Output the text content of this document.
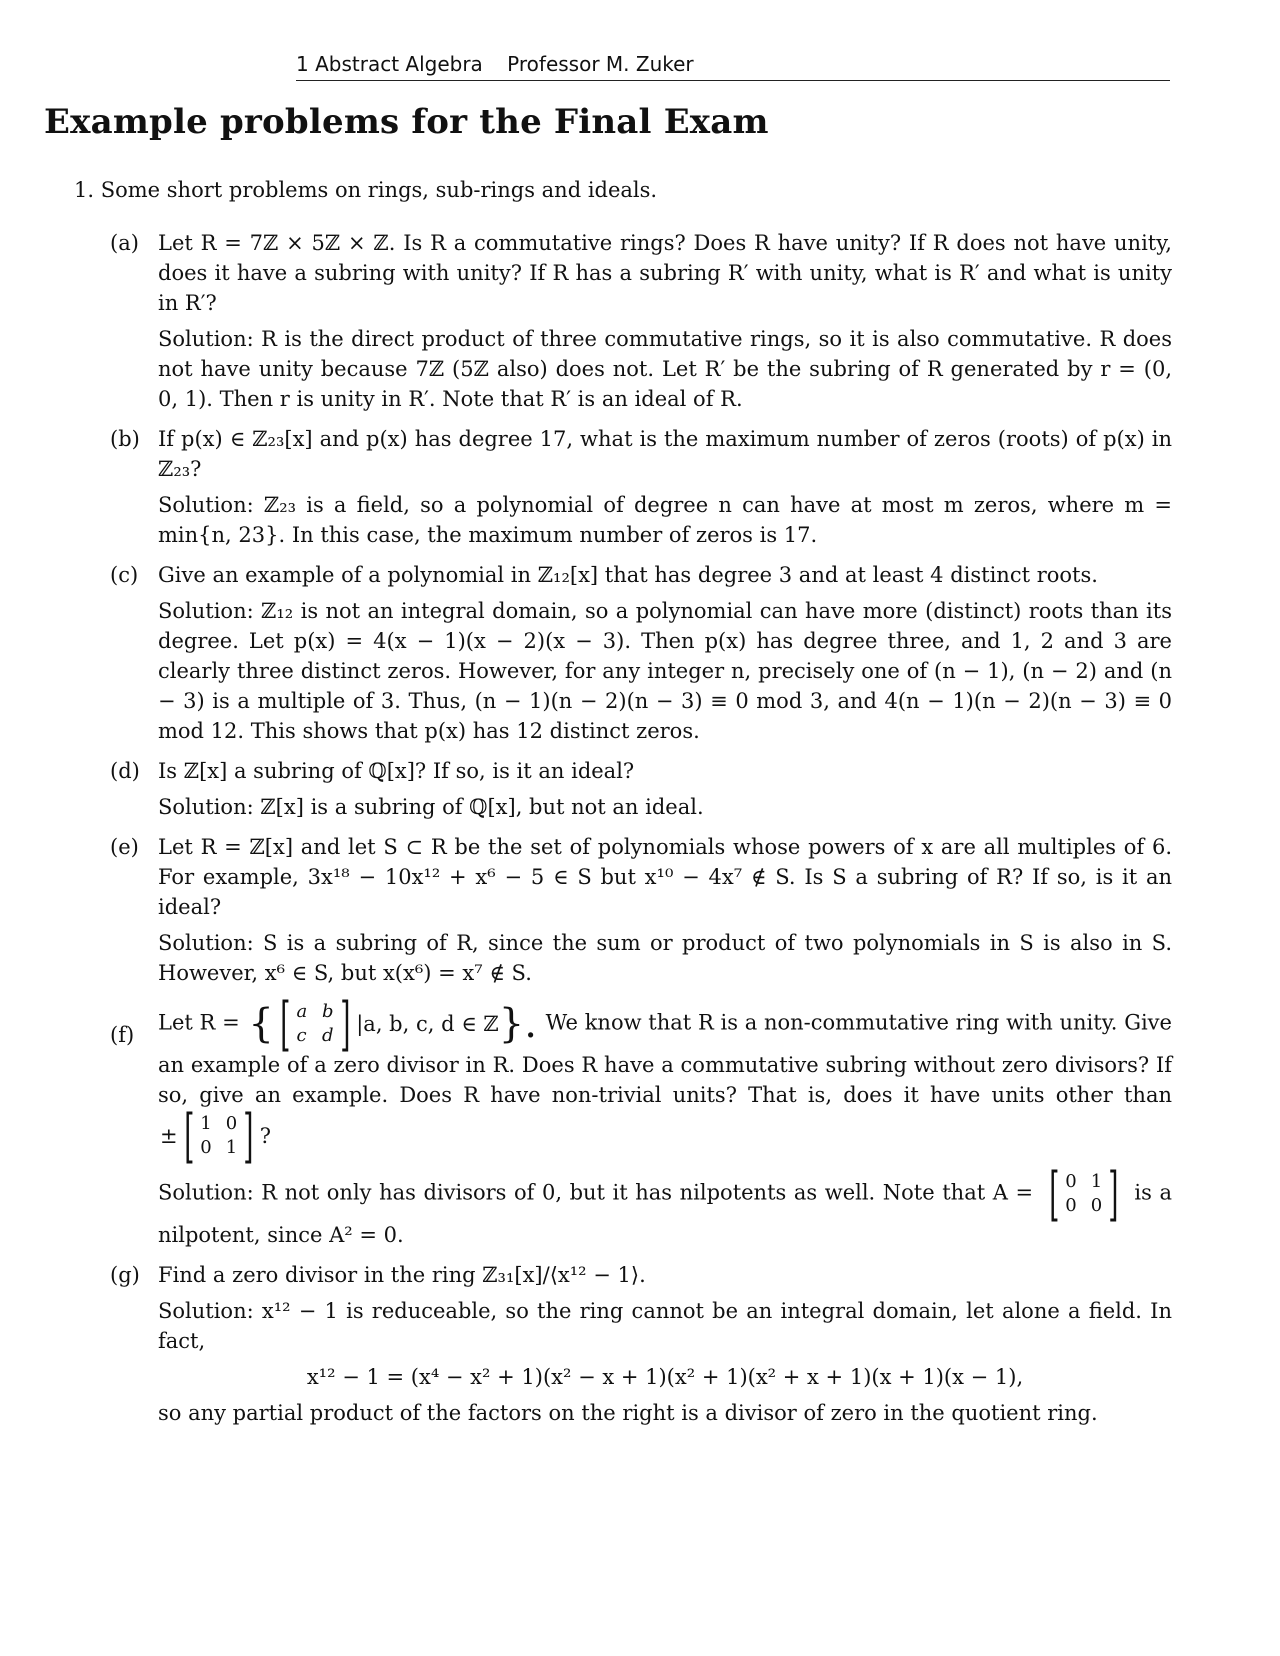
1 Abstract Algebra Professor M. Zuker
Example problems for the Final Exam
1. Some short problems on rings, sub-rings and ideals.
(a) Let R = 7ℤ × 5ℤ × ℤ. Is R a commutative rings? Does R have unity? If R does not have unity, does it have a subring with unity? If R has a subring R′ with unity, what is R′ and what is unity in R′?

Solution: R is the direct product of three commutative rings, so it is also commutative. R does not have unity because 7ℤ (5ℤ also) does not. Let R′ be the subring of R generated by r = (0, 0, 1). Then r is unity in R′. Note that R′ is an ideal of R.

(b) If p(x) ∈ ℤ₂₃[x] and p(x) has degree 17, what is the maximum number of zeros (roots) of p(x) in ℤ₂₃?

Solution: ℤ₂₃ is a field, so a polynomial of degree n can have at most m zeros, where m = min{n, 23}. In this case, the maximum number of zeros is 17.

(c) Give an example of a polynomial in ℤ₁₂[x] that has degree 3 and at least 4 distinct roots.

Solution: ℤ₁₂ is not an integral domain, so a polynomial can have more (distinct) roots than its degree. Let p(x) = 4(x − 1)(x − 2)(x − 3). Then p(x) has degree three, and 1, 2 and 3 are clearly three distinct zeros. However, for any integer n, precisely one of (n − 1), (n − 2) and (n − 3) is a multiple of 3. Thus, (n − 1)(n − 2)(n − 3) ≡ 0 mod 3, and 4(n − 1)(n − 2)(n − 3) ≡ 0 mod 12. This shows that p(x) has 12 distinct zeros.

(d) Is ℤ[x] a subring of ℚ[x]? If so, is it an ideal?

Solution: ℤ[x] is a subring of ℚ[x], but not an ideal.

(e) Let R = ℤ[x] and let S ⊂ R be the set of polynomials whose powers of x are all multiples of 6. For example, 3x¹⁸ − 10x¹² + x⁶ − 5 ∈ S but x¹⁰ − 4x⁷ ∉ S. Is S a subring of R? If so, is it an ideal?

Solution: S is a subring of R, since the sum or product of two polynomials in S is also in S. However, x⁶ ∈ S, but x(x⁶) = x⁷ ∉ S.

(f)

Let R = { [ a b
c d ] |a, b, c, d ∈ ℤ }. We know that R is a non-commutative ring with unity. Give an example of a zero divisor in R. Does R have a commutative subring without zero divisors? If so, give an example. Does R have non-trivial units? That is, does it have units other than
± [ 1 0
0 1 ] ?

Solution: R not only has divisors of 0, but it has nilpotents as well. Note that A = [ 0 1
0 0 ] is a nilpotent, since A² = 0.

(g) Find a zero divisor in the ring ℤ₃₁[x]/⟨x¹² − 1⟩.

Solution: x¹² − 1 is reduceable, so the ring cannot be an integral domain, let alone a field. In fact,

x¹² − 1 = (x⁴ − x² + 1)(x² − x + 1)(x² + 1)(x² + x + 1)(x + 1)(x − 1),

so any partial product of the factors on the right is a divisor of zero in the quotient ring.
